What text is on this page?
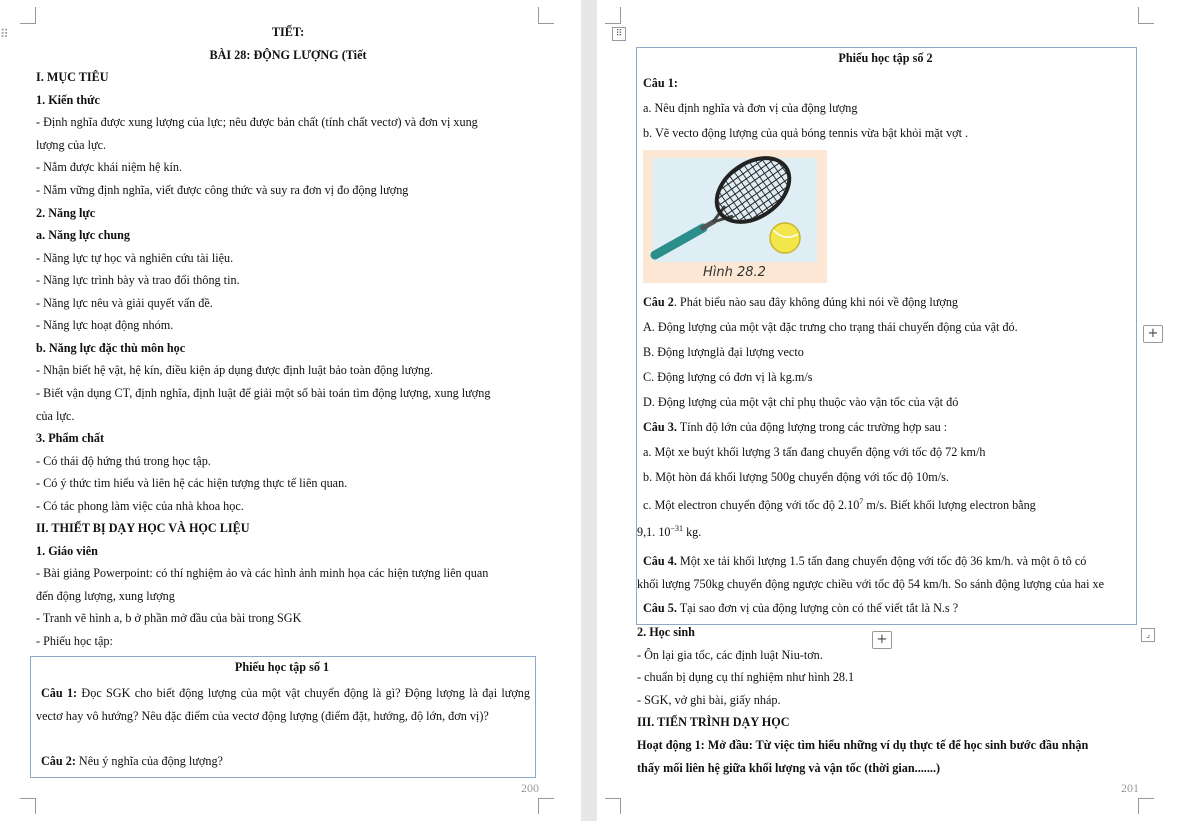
⠿	TIẾT:
BÀI 28: ĐỘNG LƯỢNG (Tiết
I. MỤC TIÊU
1. Kiến thức
- Định nghĩa được xung lượng của lực; nêu được bản chất (tính chất vectơ) và đơn vị xung
lượng của lực.
- Nắm được khái niệm hệ kín.
- Nắm vững định nghĩa, viết được công thức và suy ra đơn vị đo động lượng
2. Năng lực
a. Năng lực chung
- Năng lực tự học và nghiên cứu tài liệu.
- Năng lực trình bày và trao đổi thông tin.
- Năng lực nêu và giải quyết vấn đề.
- Năng lực hoạt động nhóm.
b. Năng lực đặc thù môn học
- Nhận biết hệ vật, hệ kín, điều kiện áp dụng được định luật bảo toàn động lượng.
- Biết vận dụng CT, định nghĩa, định luật để giải một số bài toán tìm động lượng, xung lượng
của lực.
3. Phẩm chất
- Có thái độ hứng thú trong học tập.
- Có ý thức tìm hiểu và liên hệ các hiện tượng thực tế liên quan.
- Có tác phong làm việc của nhà khoa học.
II. THIẾT BỊ DẠY HỌC VÀ HỌC LIỆU
1. Giáo viên
- Bài giảng Powerpoint: có thí nghiệm ảo và các hình ảnh minh họa các hiện tượng liên quan
đến động lượng, xung lượng
- Tranh vẽ hình a, b ở phần mở đầu của bài trong SGK
- Phiếu học tập:
Phiếu học tập số 1
Câu 1: Đọc SGK cho biết động lượng của một vật chuyển động là gì? Động lượng là đại lượng vectơ hay vô hướng? Nêu đặc điểm của vectơ động lượng (điểm đặt, hướng, độ lớn, đơn vị)?
Câu 2: Nêu ý nghĩa của động lượng?
200
⠿
Phiếu học tập số 2
Câu 1:
a. Nêu định nghĩa và đơn vị của động lượng
b. Vẽ vecto động lượng của quả bóng tennis vừa bật khỏi mặt vợt .
Hình 28.2
Câu 2. Phát biểu nào sau đây không đúng khi nói về động lượng
A. Động lượng của một vật đặc trưng cho trạng thái chuyển động của vật đó.
B. Động lượnglà đại lượng vecto
C. Động lượng có đơn vị là kg.m/s
D. Động lượng của một vật chỉ phụ thuộc vào vận tốc của vật đó
Câu 3. Tính độ lớn của động lượng trong các trường hợp sau :
a. Một xe buýt khối lượng 3 tấn đang chuyển động với tốc độ 72 km/h
b. Một hòn đá khối lượng 500g chuyển động với tốc độ 10m/s.
c. Một electron chuyển động với tốc độ 2.10$^7$ m/s. Biết khối lượng electron bằng
9,1. $10^{-31}$ kg.
Câu 4. Một xe tải khối lượng 1.5 tấn đang chuyển động với tốc độ 36 km/h. và một ô tô có
khối lượng 750kg chuyển động ngược chiều với tốc độ 54 km/h. So sánh động lượng của hai xe
Câu 5. Tại sao đơn vị của động lượng còn có thể viết tắt là N.s ?
+
+	⌟
2. Học sinh
- Ôn lại gia tốc, các định luật Niu-tơn.
- chuẩn bị dụng cụ thí nghiệm như hình 28.1
- SGK, vở ghi bài, giấy nháp.
III. TIẾN TRÌNH DẠY HỌC
Hoạt động 1: Mở đầu: Từ việc tìm hiểu những ví dụ thực tế để học sinh bước đầu nhận
thấy mối liên hệ giữa khối lượng và vận tốc (thời gian.......)
201
